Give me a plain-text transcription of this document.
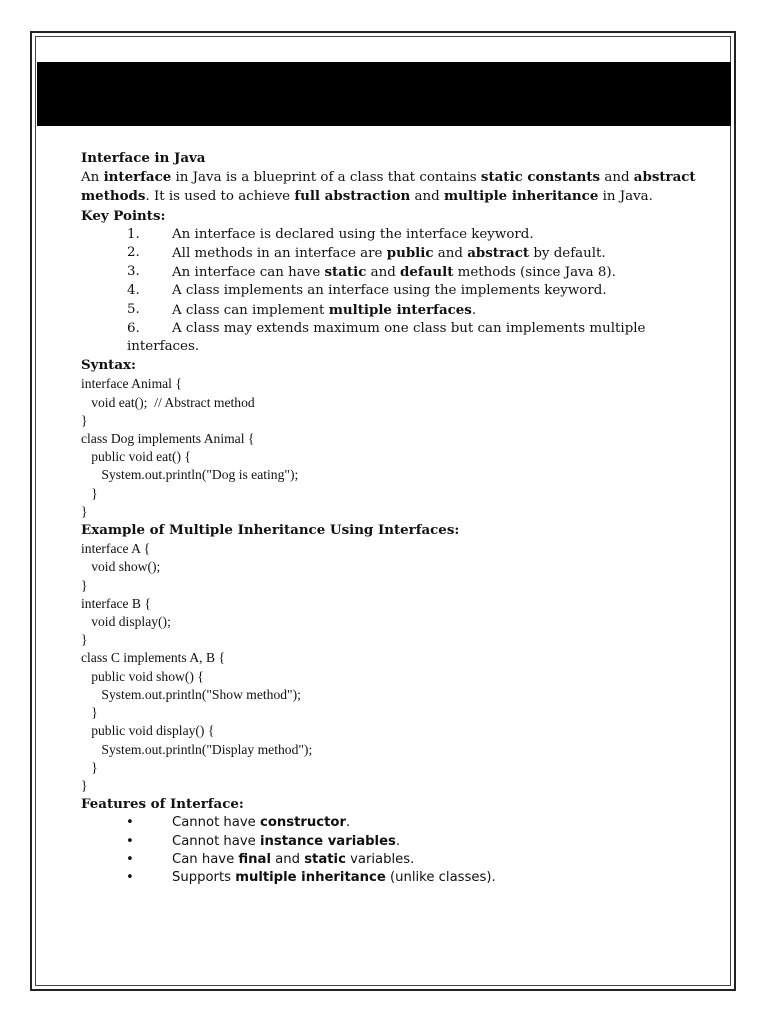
Interface in Java
An interface in Java is a blueprint of a class that contains static constants and abstract methods. It is used to achieve full abstraction and multiple inheritance in Java.
Key Points:
1. An interface is declared using the interface keyword.
2. All methods in an interface are public and abstract by default.
3. An interface can have static and default methods (since Java 8).
4. A class implements an interface using the implements keyword.
5. A class can implement multiple interfaces.
6. A class may extends maximum one class but can implements multiple
interfaces.
Syntax:
interface Animal {
void eat();  // Abstract method
}
class Dog implements Animal {
public void eat() {
System.out.println("Dog is eating");
}
}
Example of Multiple Inheritance Using Interfaces:
interface A {
void show();
}
interface B {
void display();
}
class C implements A, B {
public void show() {
System.out.println("Show method");
}
public void display() {
System.out.println("Display method");
}
}
Features of Interface:
•	Cannot have constructor.
•	Cannot have instance variables.
•	Can have final and static variables.
•	Supports multiple inheritance (unlike classes).
